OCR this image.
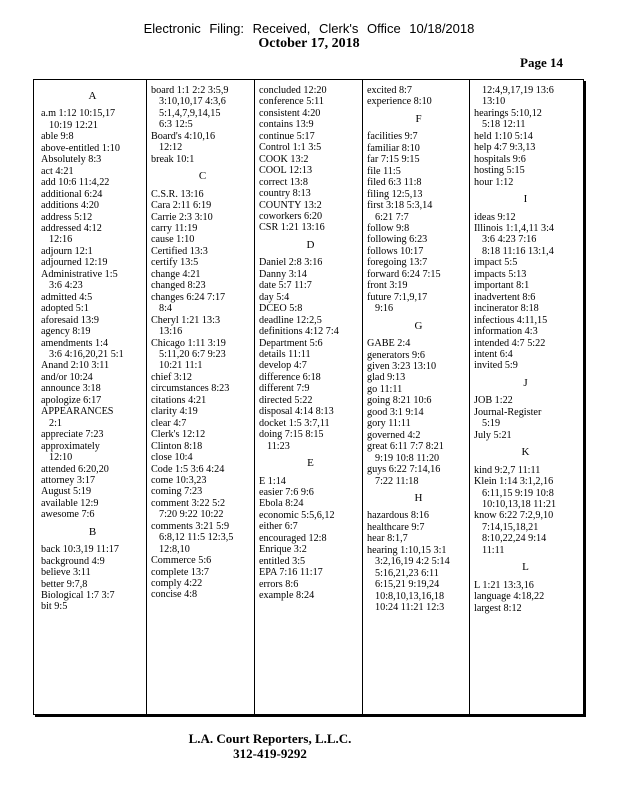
Electronic Filing: Received, Clerk's Office 10/18/2018
October 17, 2018
Page 14
A
a.m 1:12 10:15,17
10:19 12:21
able 9:8
above-entitled 1:10
Absolutely 8:3
act 4:21
add 10:6 11:4,22
additional 6:24
additions 4:20
address 5:12
addressed 4:12
12:16
adjourn 12:1
adjourned 12:19
Administrative 1:5
3:6 4:23
admitted 4:5
adopted 5:1
aforesaid 13:9
agency 8:19
amendments 1:4
3:6 4:16,20,21 5:1
Anand 2:10 3:11
and/or 10:24
announce 3:18
apologize 6:17
APPEARANCES
2:1
appreciate 7:23
approximately
12:10
attended 6:20,20
attorney 3:17
August 5:19
available 12:9
awesome 7:6
B
back 10:3,19 11:17
background 4:9
believe 3:11
better 9:7,8
Biological 1:7 3:7
bit 9:5
board 1:1 2:2 3:5,9
3:10,10,17 4:3,6
5:1,4,7,9,14,15
6:3 12:5
Board's 4:10,16
12:12
break 10:1
C
C.S.R. 13:16
Cara 2:11 6:19
Carrie 2:3 3:10
carry 11:19
cause 1:10
Certified 13:3
certify 13:5
change 4:21
changed 8:23
changes 6:24 7:17
8:4
Cheryl 1:21 13:3
13:16
Chicago 1:11 3:19
5:11,20 6:7 9:23
10:21 11:1
chief 3:12
circumstances 8:23
citations 4:21
clarity 4:19
clear 4:7
Clerk's 12:12
Clinton 8:18
close 10:4
Code 1:5 3:6 4:24
come 10:3,23
coming 7:23
comment 3:22 5:2
7:20 9:22 10:22
comments 3:21 5:9
6:8,12 11:5 12:3,5
12:8,10
Commerce 5:6
complete 13:7
comply 4:22
concise 4:8
concluded 12:20
conference 5:11
consistent 4:20
contains 13:9
continue 5:17
Control 1:1 3:5
COOK 13:2
COOL 12:13
correct 13:8
country 8:13
COUNTY 13:2
coworkers 6:20
CSR 1:21 13:16
D
Daniel 2:8 3:16
Danny 3:14
date 5:7 11:7
day 5:4
DCEO 5:8
deadline 12:2,5
definitions 4:12 7:4
Department 5:6
details 11:11
develop 4:7
difference 6:18
different 7:9
directed 5:22
disposal 4:14 8:13
docket 1:5 3:7,11
doing 7:15 8:15
11:23
E
E 1:14
easier 7:6 9:6
Ebola 8:24
economic 5:5,6,12
either 6:7
encouraged 12:8
Enrique 3:2
entitled 3:5
EPA 7:16 11:17
errors 8:6
example 8:24
excited 8:7
experience 8:10
F
facilities 9:7
familiar 8:10
far 7:15 9:15
file 11:5
filed 6:3 11:8
filing 12:5,13
first 3:18 5:3,14
6:21 7:7
follow 9:8
following 6:23
follows 10:17
foregoing 13:7
forward 6:24 7:15
front 3:19
future 7:1,9,17
9:16
G
GABE 2:4
generators 9:6
given 3:23 13:10
glad 9:13
go 11:11
going 8:21 10:6
good 3:1 9:14
gory 11:11
governed 4:2
great 6:11 7:7 8:21
9:19 10:8 11:20
guys 6:22 7:14,16
7:22 11:18
H
hazardous 8:16
healthcare 9:7
hear 8:1,7
hearing 1:10,15 3:1
3:2,16,19 4:2 5:14
5:16,21,23 6:11
6:15,21 9:19,24
10:8,10,13,16,18
10:24 11:21 12:3
12:4,9,17,19 13:6
13:10
hearings 5:10,12
5:18 12:11
held 1:10 5:14
help 4:7 9:3,13
hospitals 9:6
hosting 5:15
hour 1:12
I
ideas 9:12
Illinois 1:1,4,11 3:4
3:6 4:23 7:16
8:18 11:16 13:1,4
impact 5:5
impacts 5:13
important 8:1
inadvertent 8:6
incinerator 8:18
infectious 4:11,15
information 4:3
intended 4:7 5:22
intent 6:4
invited 5:9
J
JOB 1:22
Journal-Register
5:19
July 5:21
K
kind 9:2,7 11:11
Klein 1:14 3:1,2,16
6:11,15 9:19 10:8
10:10,13,18 11:21
know 6:22 7:2,9,10
7:14,15,18,21
8:10,22,24 9:14
11:11
L
L 1:21 13:3,16
language 4:18,22
largest 8:12
L.A. Court Reporters, L.L.C.
312-419-9292
